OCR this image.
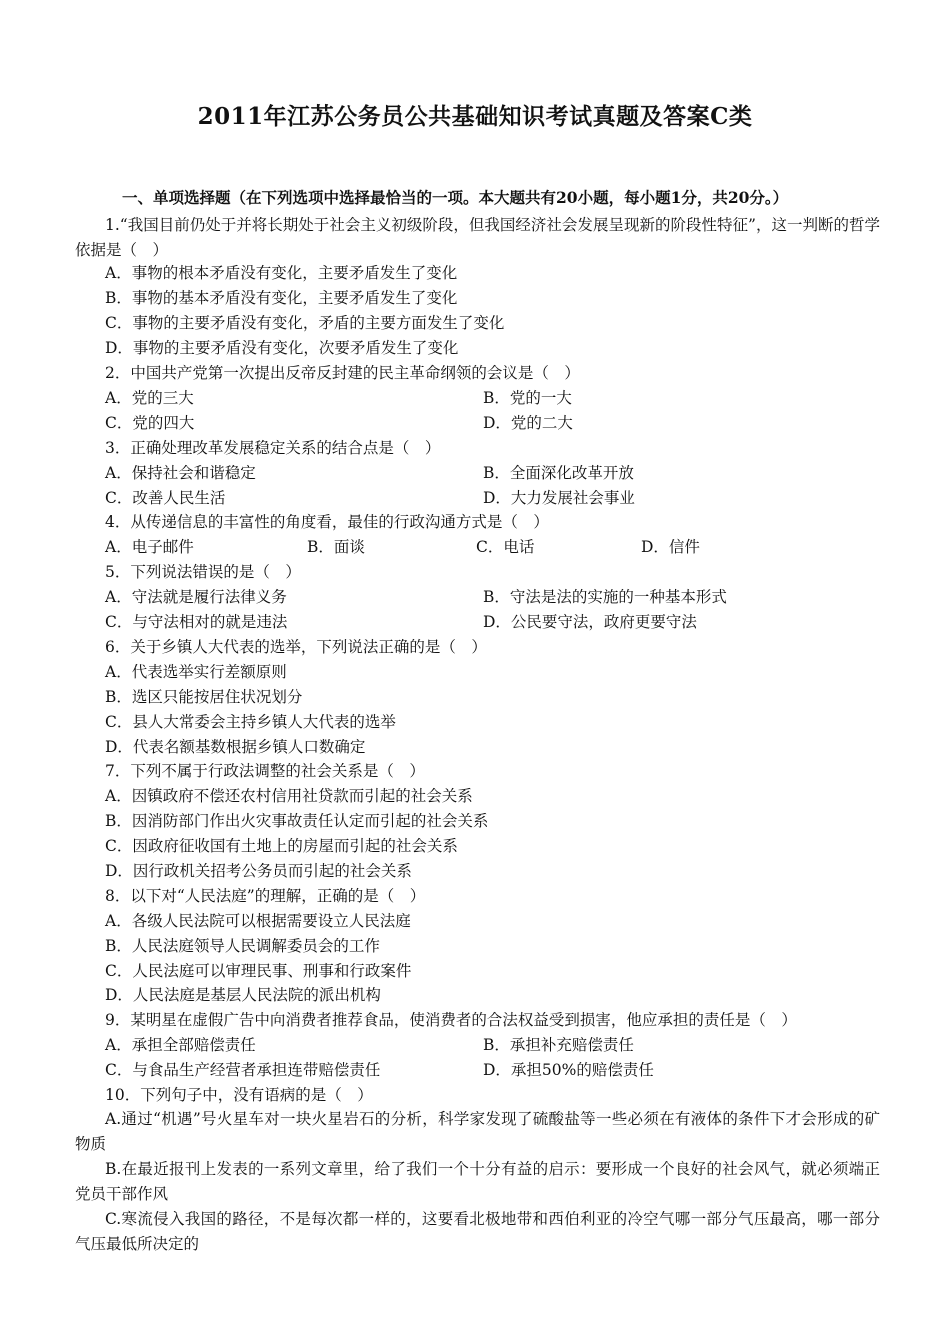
2011年江苏公务员公共基础知识考试真题及答案C类
一、单项选择题（在下列选项中选择最恰当的一项。本大题共有20小题，每小题1分，共20分。）
1.“我国目前仍处于并将长期处于社会主义初级阶段，但我国经济社会发展呈现新的阶段性特征”，这一判断的哲学依据是（　）
A．事物的根本矛盾没有变化，主要矛盾发生了变化
B．事物的基本矛盾没有变化，主要矛盾发生了变化
C．事物的主要矛盾没有变化，矛盾的主要方面发生了变化
D．事物的主要矛盾没有变化，次要矛盾发生了变化
2．中国共产党第一次提出反帝反封建的民主革命纲领的会议是（　）
A．党的三大	B．党的一大
C．党的四大	D．党的二大
3．正确处理改革发展稳定关系的结合点是（　）
A．保持社会和谐稳定	B．全面深化改革开放
C．改善人民生活	D．大力发展社会事业
4．从传递信息的丰富性的角度看，最佳的行政沟通方式是（　）
A．电子邮件	B．面谈	C．电话	D．信件
5．下列说法错误的是（　）
A．守法就是履行法律义务	B．守法是法的实施的一种基本形式
C．与守法相对的就是违法	D．公民要守法，政府更要守法
6．关于乡镇人大代表的选举，下列说法正确的是（　）
A．代表选举实行差额原则
B．选区只能按居住状况划分
C．县人大常委会主持乡镇人大代表的选举
D．代表名额基数根据乡镇人口数确定
7．下列不属于行政法调整的社会关系是（　）
A．因镇政府不偿还农村信用社贷款而引起的社会关系
B．因消防部门作出火灾事故责任认定而引起的社会关系
C．因政府征收国有土地上的房屋而引起的社会关系
D．因行政机关招考公务员而引起的社会关系
8．以下对“人民法庭”的理解，正确的是（　）
A．各级人民法院可以根据需要设立人民法庭
B．人民法庭领导人民调解委员会的工作
C．人民法庭可以审理民事、刑事和行政案件
D．人民法庭是基层人民法院的派出机构
9．某明星在虚假广告中向消费者推荐食品，使消费者的合法权益受到损害，他应承担的责任是（　）
A．承担全部赔偿责任	B．承担补充赔偿责任
C．与食品生产经营者承担连带赔偿责任	D．承担50%的赔偿责任
10．下列句子中，没有语病的是（　）
A.通过“机遇”号火星车对一块火星岩石的分析，科学家发现了硫酸盐等一些必须在有液体的条件下才会形成的矿物质
B.在最近报刊上发表的一系列文章里，给了我们一个十分有益的启示：要形成一个良好的社会风气，就必须端正党员干部作风
C.寒流侵入我国的路径，不是每次都一样的，这要看北极地带和西伯利亚的冷空气哪一部分气压最高，哪一部分气压最低所决定的
